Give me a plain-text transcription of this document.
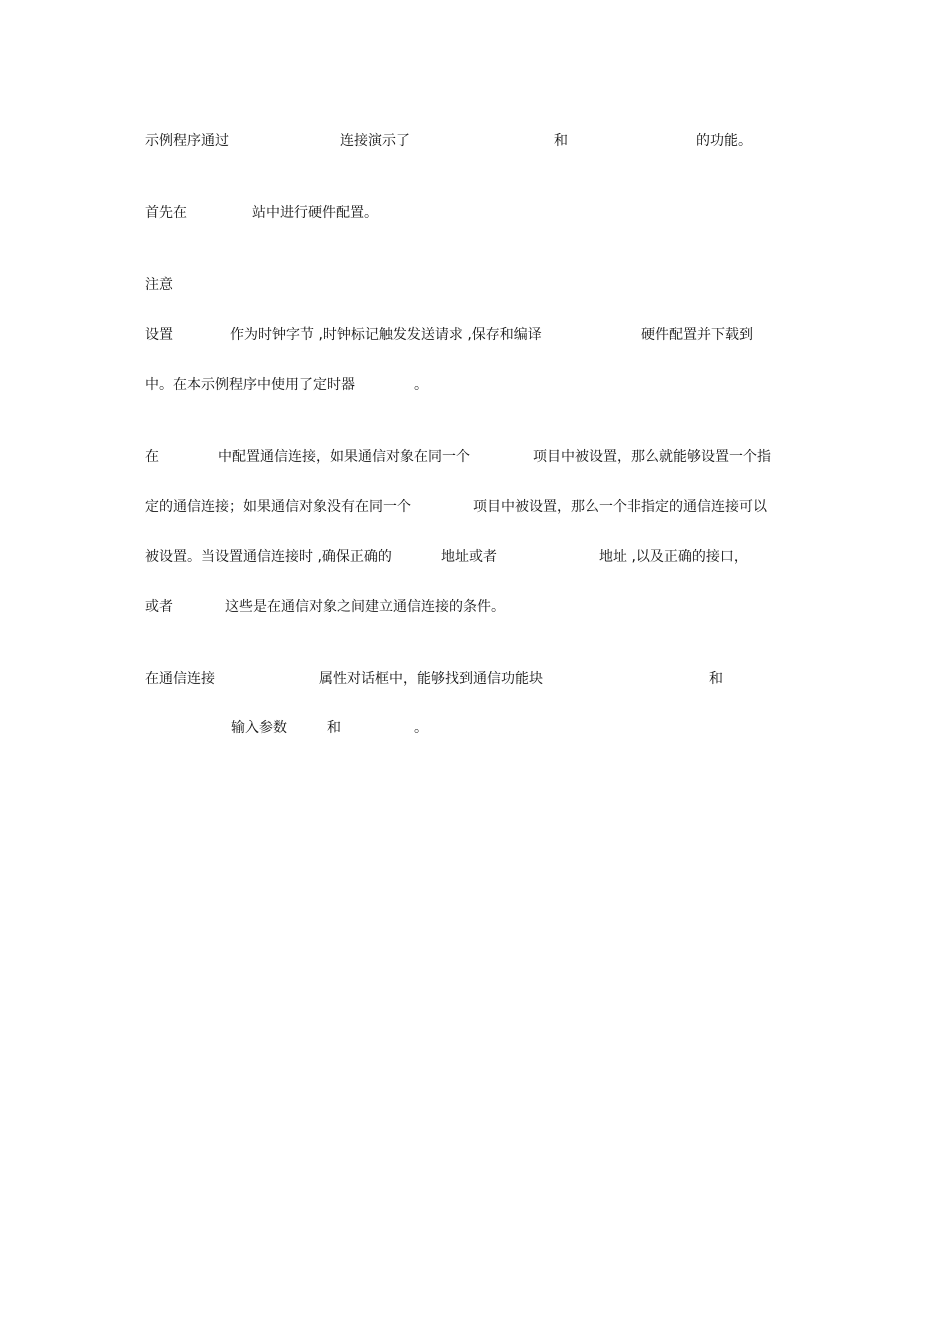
示例程序通过	连接演示了	和	的功能。
首先在	站中进行硬件配置。
注意
设置	作为时钟字节 ,时钟标记触发发送请求 ,保存和编译	硬件配置并下载到
中。在本示例程序中使用了定时器	。
在	中配置通信连接，如果通信对象在同一个	项目中被设置，那么就能够设置一个指
定的通信连接；如果通信对象没有在同一个	项目中被设置，那么一个非指定的通信连接可以
被设置。当设置通信连接时 ,确保正确的	地址或者	地址 ,以及正确的接口，
或者	这些是在通信对象之间建立通信连接的条件。
在通信连接	属性对话框中，能够找到通信功能块	和
输入参数	和	。
